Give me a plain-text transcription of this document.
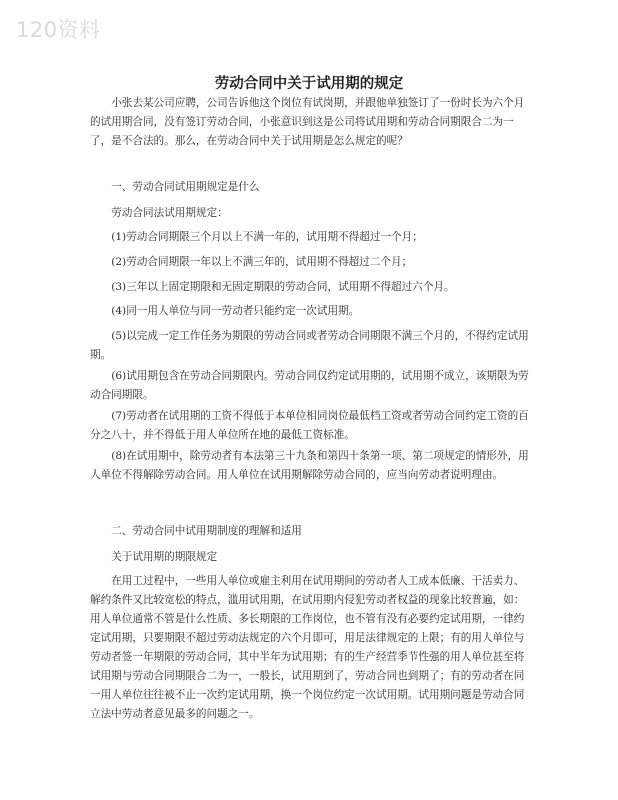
120资料
劳动合同中关于试用期的规定

小张去某公司应聘，公司告诉他这个岗位有试岗期，并跟他单独签订了一份时长为六个月的试用期合同，没有签订劳动合同，小张意识到这是公司将试用期和劳动合同期限合二为一了，是不合法的。那么，在劳动合同中关于试用期是怎么规定的呢？

一、劳动合同试用期规定是什么

劳动合同法试用期规定：

(1)劳动合同期限三个月以上不满一年的，试用期不得超过一个月；

(2)劳动合同期限一年以上不满三年的，试用期不得超过二个月；

(3)三年以上固定期限和无固定期限的劳动合同，试用期不得超过六个月。

(4)同一用人单位与同一劳动者只能约定一次试用期。

(5)以完成一定工作任务为期限的劳动合同或者劳动合同期限不满三个月的，不得约定试用期。

(6)试用期包含在劳动合同期限内。劳动合同仅约定试用期的，试用期不成立，该期限为劳动合同期限。

(7)劳动者在试用期的工资不得低于本单位相同岗位最低档工资或者劳动合同约定工资的百分之八十，并不得低于用人单位所在地的最低工资标准。

(8)在试用期中，除劳动者有本法第三十九条和第四十条第一项、第二项规定的情形外，用人单位不得解除劳动合同。用人单位在试用期解除劳动合同的，应当向劳动者说明理由。

二、劳动合同中试用期制度的理解和适用

关于试用期的期限规定

在用工过程中，一些用人单位或雇主利用在试用期间的劳动者人工成本低廉、干活卖力、解约条件又比较宽松的特点，滥用试用期，在试用期内侵犯劳动者权益的现象比较普遍，如：用人单位通常不管是什么性质、多长期限的工作岗位，也不管有没有必要约定试用期，一律约定试用期，只要期限不超过劳动法规定的六个月即可，用足法律规定的上限；有的用人单位与劳动者签一年期限的劳动合同，其中半年为试用期；有的生产经营季节性强的用人单位甚至将试用期与劳动合同期限合二为一，一般长，试用期到了，劳动合同也到期了；有的劳动者在同一用人单位往往被不止一次约定试用期，换一个岗位约定一次试用期。试用期问题是劳动合同立法中劳动者意见最多的问题之一。
